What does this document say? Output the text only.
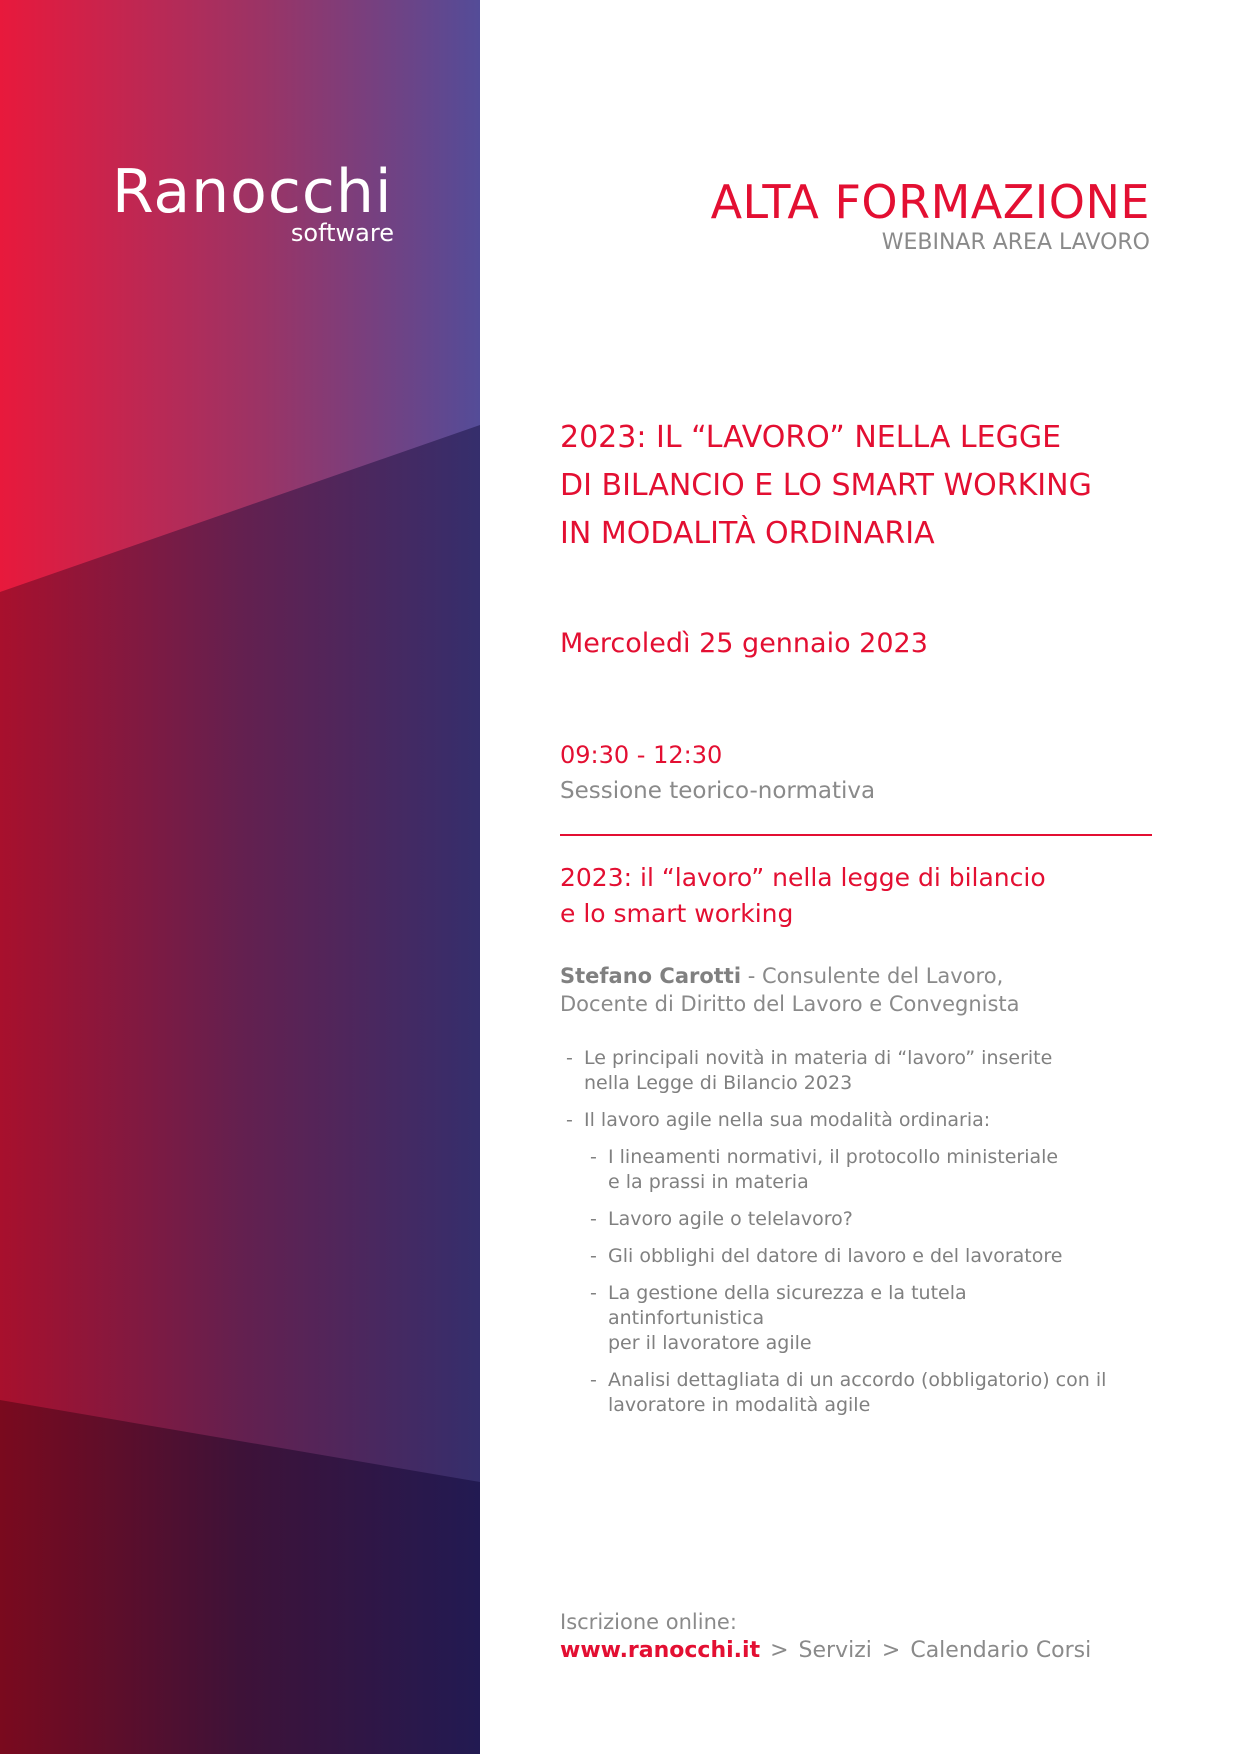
Ranocchi
software
ALTA FORMAZIONE
WEBINAR AREA LAVORO
2023: IL “LAVORO” NELLA LEGGE
DI BILANCIO E LO SMART WORKING
IN MODALITÀ ORDINARIA
Mercoledì 25 gennaio 2023
09:30 - 12:30
Sessione teorico-normativa
2023: il “lavoro” nella legge di bilancio
e lo smart working
Stefano Carotti - Consulente del Lavoro,
Docente di Diritto del Lavoro e Convegnista
- Le principali novità in materia di “lavoro” inserite
nella Legge di Bilancio 2023
- Il lavoro agile nella sua modalità ordinaria:
- I lineamenti normativi, il protocollo ministeriale
e la prassi in materia
- Lavoro agile o telelavoro?
- Gli obblighi del datore di lavoro e del lavoratore
- La gestione della sicurezza e la tutela antinfortunistica
per il lavoratore agile
- Analisi dettagliata di un accordo (obbligatorio) con il
lavoratore in modalità agile
Iscrizione online:
www.ranocchi.it > Servizi > Calendario Corsi
